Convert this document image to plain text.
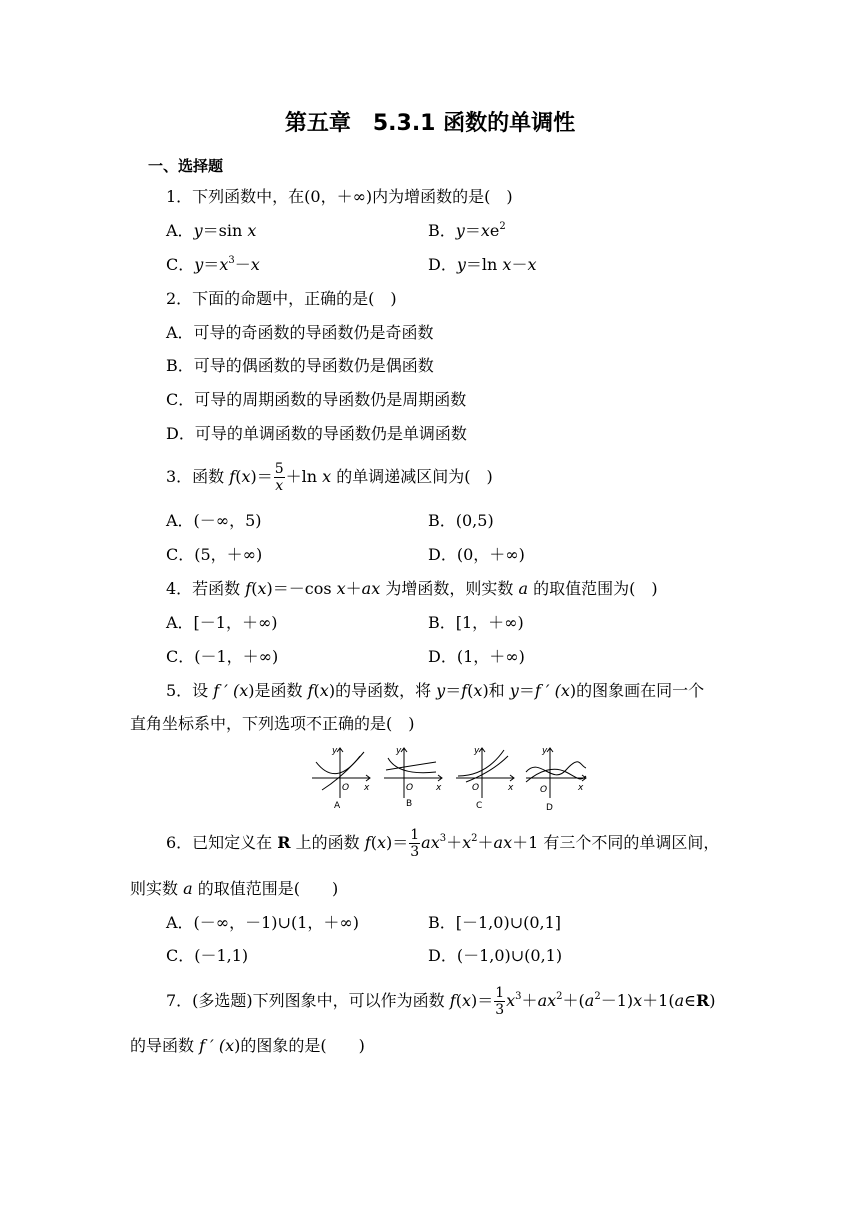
第五章　5.3.1 函数的单调性
一、选择题
1．下列函数中，在(0，＋∞)内为增函数的是(　)
A．y＝sin x	B．$y=xe^2$
C．$y=x^3-x$	D．y＝ln x－x
2．下面的命题中，正确的是(　)
A．可导的奇函数的导函数仍是奇函数
B．可导的偶函数的导函数仍是偶函数
C．可导的周期函数的导函数仍是周期函数
D．可导的单调函数的导函数仍是单调函数
3．函数 $f(x)= \frac{5}{x} +\ln$ x 的单调递减区间为(　)
A．(－∞，5)	B．(0,5)
C．(5，＋∞)	D．(0，＋∞)
4．若函数 f(x)＝－cos x＋ax 为增函数，则实数 a 的取值范围为(　)
A．[－1，＋∞)	B．[1，＋∞)
C．(－1，＋∞)	D．(1，＋∞)
5．设 f ′ (x)是函数 f(x)的导函数，将 y＝f(x)和 y＝f ′ (x)的图象画在同一个
直角坐标系中，下列选项不正确的是(　)
y
x
O
y
x
O
y
x
O
y
x
O
A	B	C	D
6．已知定义在 R 上的函数 $f(x)= \frac{1}{3} ax^3+x^2+ax+1$ 有三个不同的单调区间，
则实数 a 的取值范围是(　　)
A．(－∞，－1)∪(1，＋∞)	B．[－1,0)∪(0,1]
C．(－1,1)	D．(－1,0)∪(0,1)
7．(多选题)下列图象中，可以作为函数 $f(x)= \frac{1}{3}$ $x^3+ax^2+(a^2-1)x+1(a\in R)$
的导函数 f ′ (x)的图象的是(　　)
